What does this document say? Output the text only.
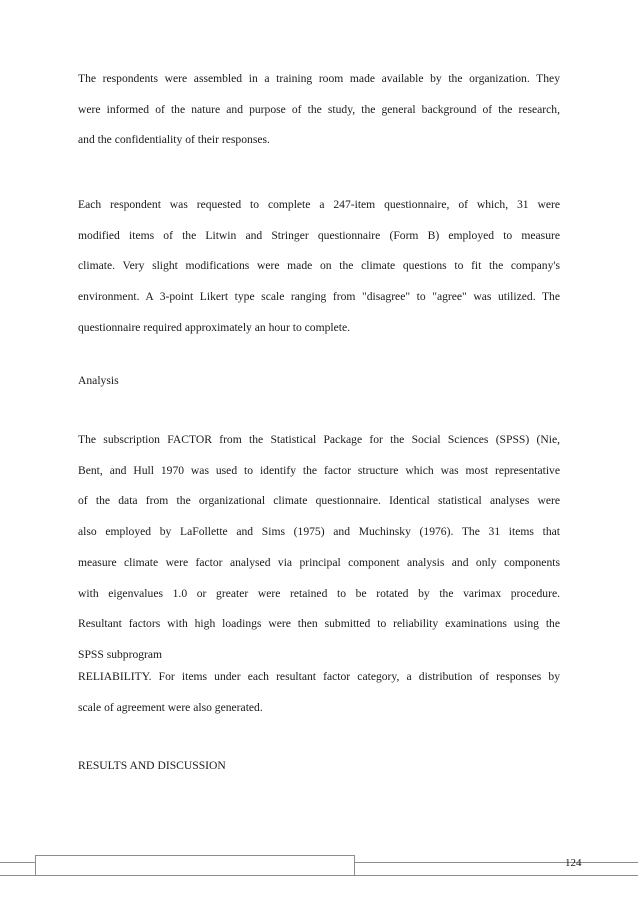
The respondents were assembled in a training room made available by the organization. They
were informed of the nature and purpose of the study, the general background of the research,
and the confidentiality of their responses.
Each respondent was requested to complete a 247-item questionnaire, of which, 31 were
modified items of the Litwin and Stringer questionnaire (Form B) employed to measure
climate. Very slight modifications were made on the climate questions to fit the company's
environment. A 3-point Likert type scale ranging from "disagree" to "agree" was utilized. The
questionnaire required approximately an hour to complete.
Analysis
The subscription FACTOR from the Statistical Package for the Social Sciences (SPSS) (Nie,
Bent, and Hull 1970 was used to identify the factor structure which was most representative
of the data from the organizational climate questionnaire. Identical statistical analyses were
also employed by LaFollette and Sims (1975) and Muchinsky (1976). The 31 items that
measure climate were factor analysed via principal component analysis and only components
with eigenvalues 1.0 or greater were retained to be rotated by the varimax procedure.
Resultant factors with high loadings were then submitted to reliability examinations using the
SPSS subprogram
RELIABILITY. For items under each resultant factor category, a distribution of responses by
scale of agreement were also generated.
RESULTS AND DISCUSSION
124
